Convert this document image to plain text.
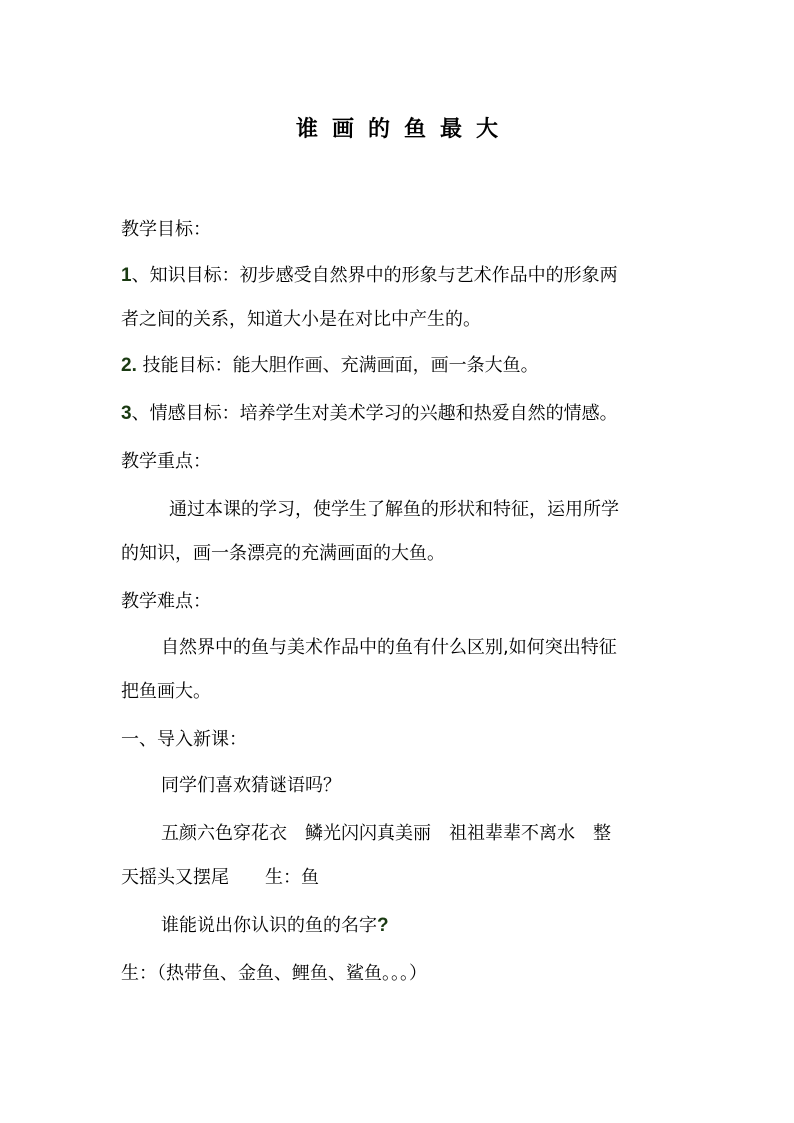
谁画的鱼最大
教学目标：
1、知识目标：初步感受自然界中的形象与艺术作品中的形象两
者之间的关系，知道大小是在对比中产生的。
2. 技能目标：能大胆作画、充满画面，画一条大鱼。
3、情感目标：培养学生对美术学习的兴趣和热爱自然的情感。
教学重点：
通过本课的学习，使学生了解鱼的形状和特征，运用所学
的知识，画一条漂亮的充满画面的大鱼。
教学难点：
自然界中的鱼与美术作品中的鱼有什么区别,如何突出特征
把鱼画大。
一、导入新课：
同学们喜欢猜谜语吗？
五颜六色穿花衣　鳞光闪闪真美丽　祖祖辈辈不离水　整
天摇头又摆尾　　生：鱼
谁能说出你认识的鱼的名字?
生：（热带鱼、金鱼、鲤鱼、鲨鱼。。。）
